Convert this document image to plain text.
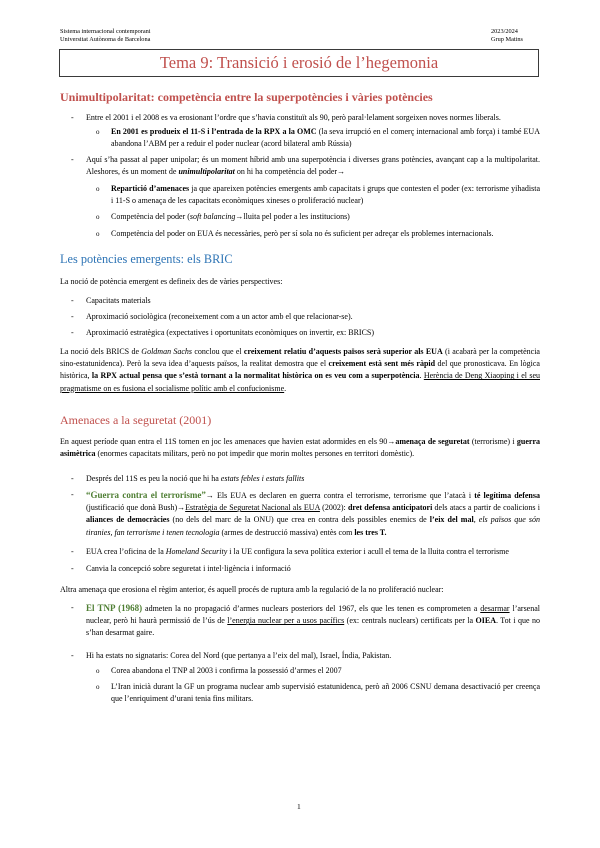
Sistema internacional contemporani
Universitat Autònoma de Barcelona
2023/2024
Grup Matins
Tema 9: Transició i erosió de l’hegemonia
Unimultipolaritat: competència entre la superpotències i vàries potències

- Entre el 2001 i el 2008 es va erosionant l’ordre que s’havia constituït als 90, però paral·lelament sorgeixen noves normes liberals.

o En 2001 es produeix el 11-S i l’entrada de la RPX a la OMC (la seva irrupció en el comerç internacional amb força) i també EUA abandona l’ABM per a reduir el poder nuclear (acord bilateral amb Rússia)

- Aquí s’ha passat al paper unipolar; és un moment híbrid amb una superpotència i diverses grans potències, avançant cap a la multipolaritat. Aleshores, és un moment de unimultipolaritat on hi ha competència del poder→

o Repartició d’amenaces ja que apareixen potències emergents amb capacitats i grups que contesten el poder (ex: terrorisme yihadista i 11-S o amenaça de les capacitats econòmiques xineses o proliferació nuclear)

o Competència del poder (soft balancing→lluita pel poder a les institucions)

o Competència del poder on EUA és necessàries, però per sí sola no és suficient per adreçar els problemes internacionals.

Les potències emergents: els BRIC

La noció de potència emergent es defineix des de vàries perspectives:

- Capacitats materials

- Aproximació sociològica (reconeixement com a un actor amb el que relacionar-se).

- Aproximació estratègica (expectatives i oportunitats econòmiques on invertir, ex: BRICS)

La noció dels BRICS de Goldman Sachs conclou que el creixement relatiu d’aquests països serà superior als EUA (i acabarà per la competència sino-estatunidenca). Però la seva idea d’aquests països, la realitat demostra que el creixement està sent més ràpid del que pronosticava. En lògica històrica, la RPX actual pensa que s’està tornant a la normalitat històrica on es veu com a superpotència. Herència de Deng Xiaoping i el seu pragmatisme on es fusiona el socialisme polític amb el confucionisme.

Amenaces a la seguretat (2001)

En aquest període quan entra el 11S tornen en joc les amenaces que havien estat adormides en els 90→amenaça de seguretat (terrorisme) i guerra asimètrica (enormes capacitats militars, però no pot impedir que morin moltes persones en territori domèstic).

- Després del 11S es peu la noció que hi ha estats febles i estats fallits

- “Guerra contra el terrorisme”→ Els EUA es declaren en guerra contra el terrorisme, terrorisme que l’atacà i té legítima defensa (justificació que donà Bush)→Estratègia de Seguretat Nacional als EUA (2002): dret defensa anticipatori dels atacs a partir de coalicions i aliances de democràcies (no dels del marc de la ONU) que crea en contra dels possibles enemics de l’eix del mal, els països que són tiranies, fan terrorisme i tenen tecnologia (armes de destrucció massiva) entès com les tres T.

- EUA crea l’oficina de la Homeland Security i la UE configura la seva política exterior i acull el tema de la lluita contra el terrorisme

- Canvia la concepció sobre seguretat i intel·ligència i informació

Altra amenaça que erosiona el règim anterior, és aquell procés de ruptura amb la regulació de la no proliferació nuclear:

- El TNP (1968) admeten la no propagació d’armes nuclears posteriors del 1967, els que les tenen es comprometen a desarmar l’arsenal nuclear, però hi haurà permissió de l’ús de l’energia nuclear per a usos pacífics (ex: centrals nuclears) certificats per la OIEA. Tot i que no s’han desarmat gaire.

- Hi ha estats no signataris: Corea del Nord (que pertanya a l’eix del mal), Israel, Índia, Pakistan.

o Corea abandona el TNP al 2003 i confirma la possessió d’armes el 2007

o L’Iran inicià durant la GF un programa nuclear amb supervisió estatunidenca, però añ 2006 CSNU demana desactivació per creença que l’enriquiment d’urani tenia fins militars.

1
